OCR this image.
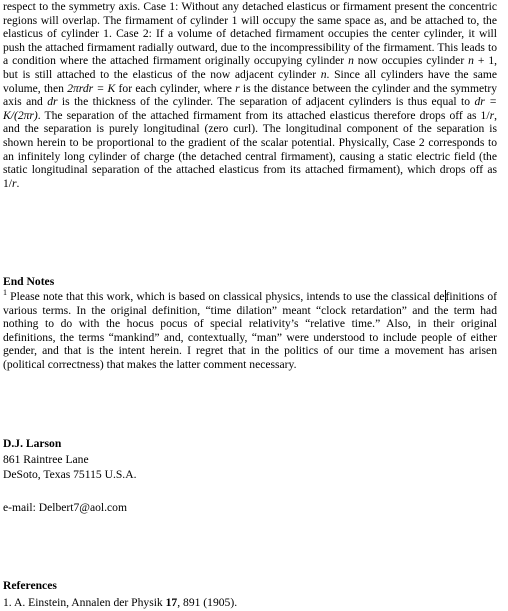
respect to the symmetry axis. Case 1: Without any detached elasticus or firmament present the concentric regions will overlap. The firmament of cylinder 1 will occupy the same space as, and be attached to, the elasticus of cylinder 1. Case 2: If a volume of detached firmament occupies the center cylinder, it will push the attached firmament radially outward, due to the incompressibility of the firmament. This leads to a condition where the attached firmament originally occupying cylinder n now occupies cylinder n + 1, but is still attached to the elasticus of the now adjacent cylinder n. Since all cylinders have the same volume, then 2πrdr = K for each cylinder, where r is the distance between the cylinder and the symmetry axis and dr is the thickness of the cylinder. The separation of adjacent cylinders is thus equal to dr = K/(2πr). The separation of the attached firmament from its attached elasticus therefore drops off as 1/r, and the separation is purely longitudinal (zero curl). The longitudinal component of the separation is shown herein to be proportional to the gradient of the scalar potential. Physically, Case 2 corresponds to an infinitely long cylinder of charge (the detached central firmament), causing a static electric field (the static longitudinal separation of the attached elasticus from its attached firmament), which drops off as 1/r.

End Notes

$^1$ Please note that this work, which is based on classical physics, intends to use the classical definitions of various terms. In the original definition, “time dilation” meant “clock retardation” and the term had nothing to do with the hocus pocus of special relativity’s “relative time.” Also, in their original definitions, the terms “mankind” and, contextually, “man” were understood to include people of either gender, and that is the intent herein. I regret that in the politics of our time a movement has arisen (political correctness) that makes the latter comment necessary.

D.J. Larson

861 Raintree Lane

DeSoto, Texas 75115 U.S.A.

e-mail: Delbert7@aol.com

References

1. A. Einstein, Annalen der Physik 17, 891 (1905).
